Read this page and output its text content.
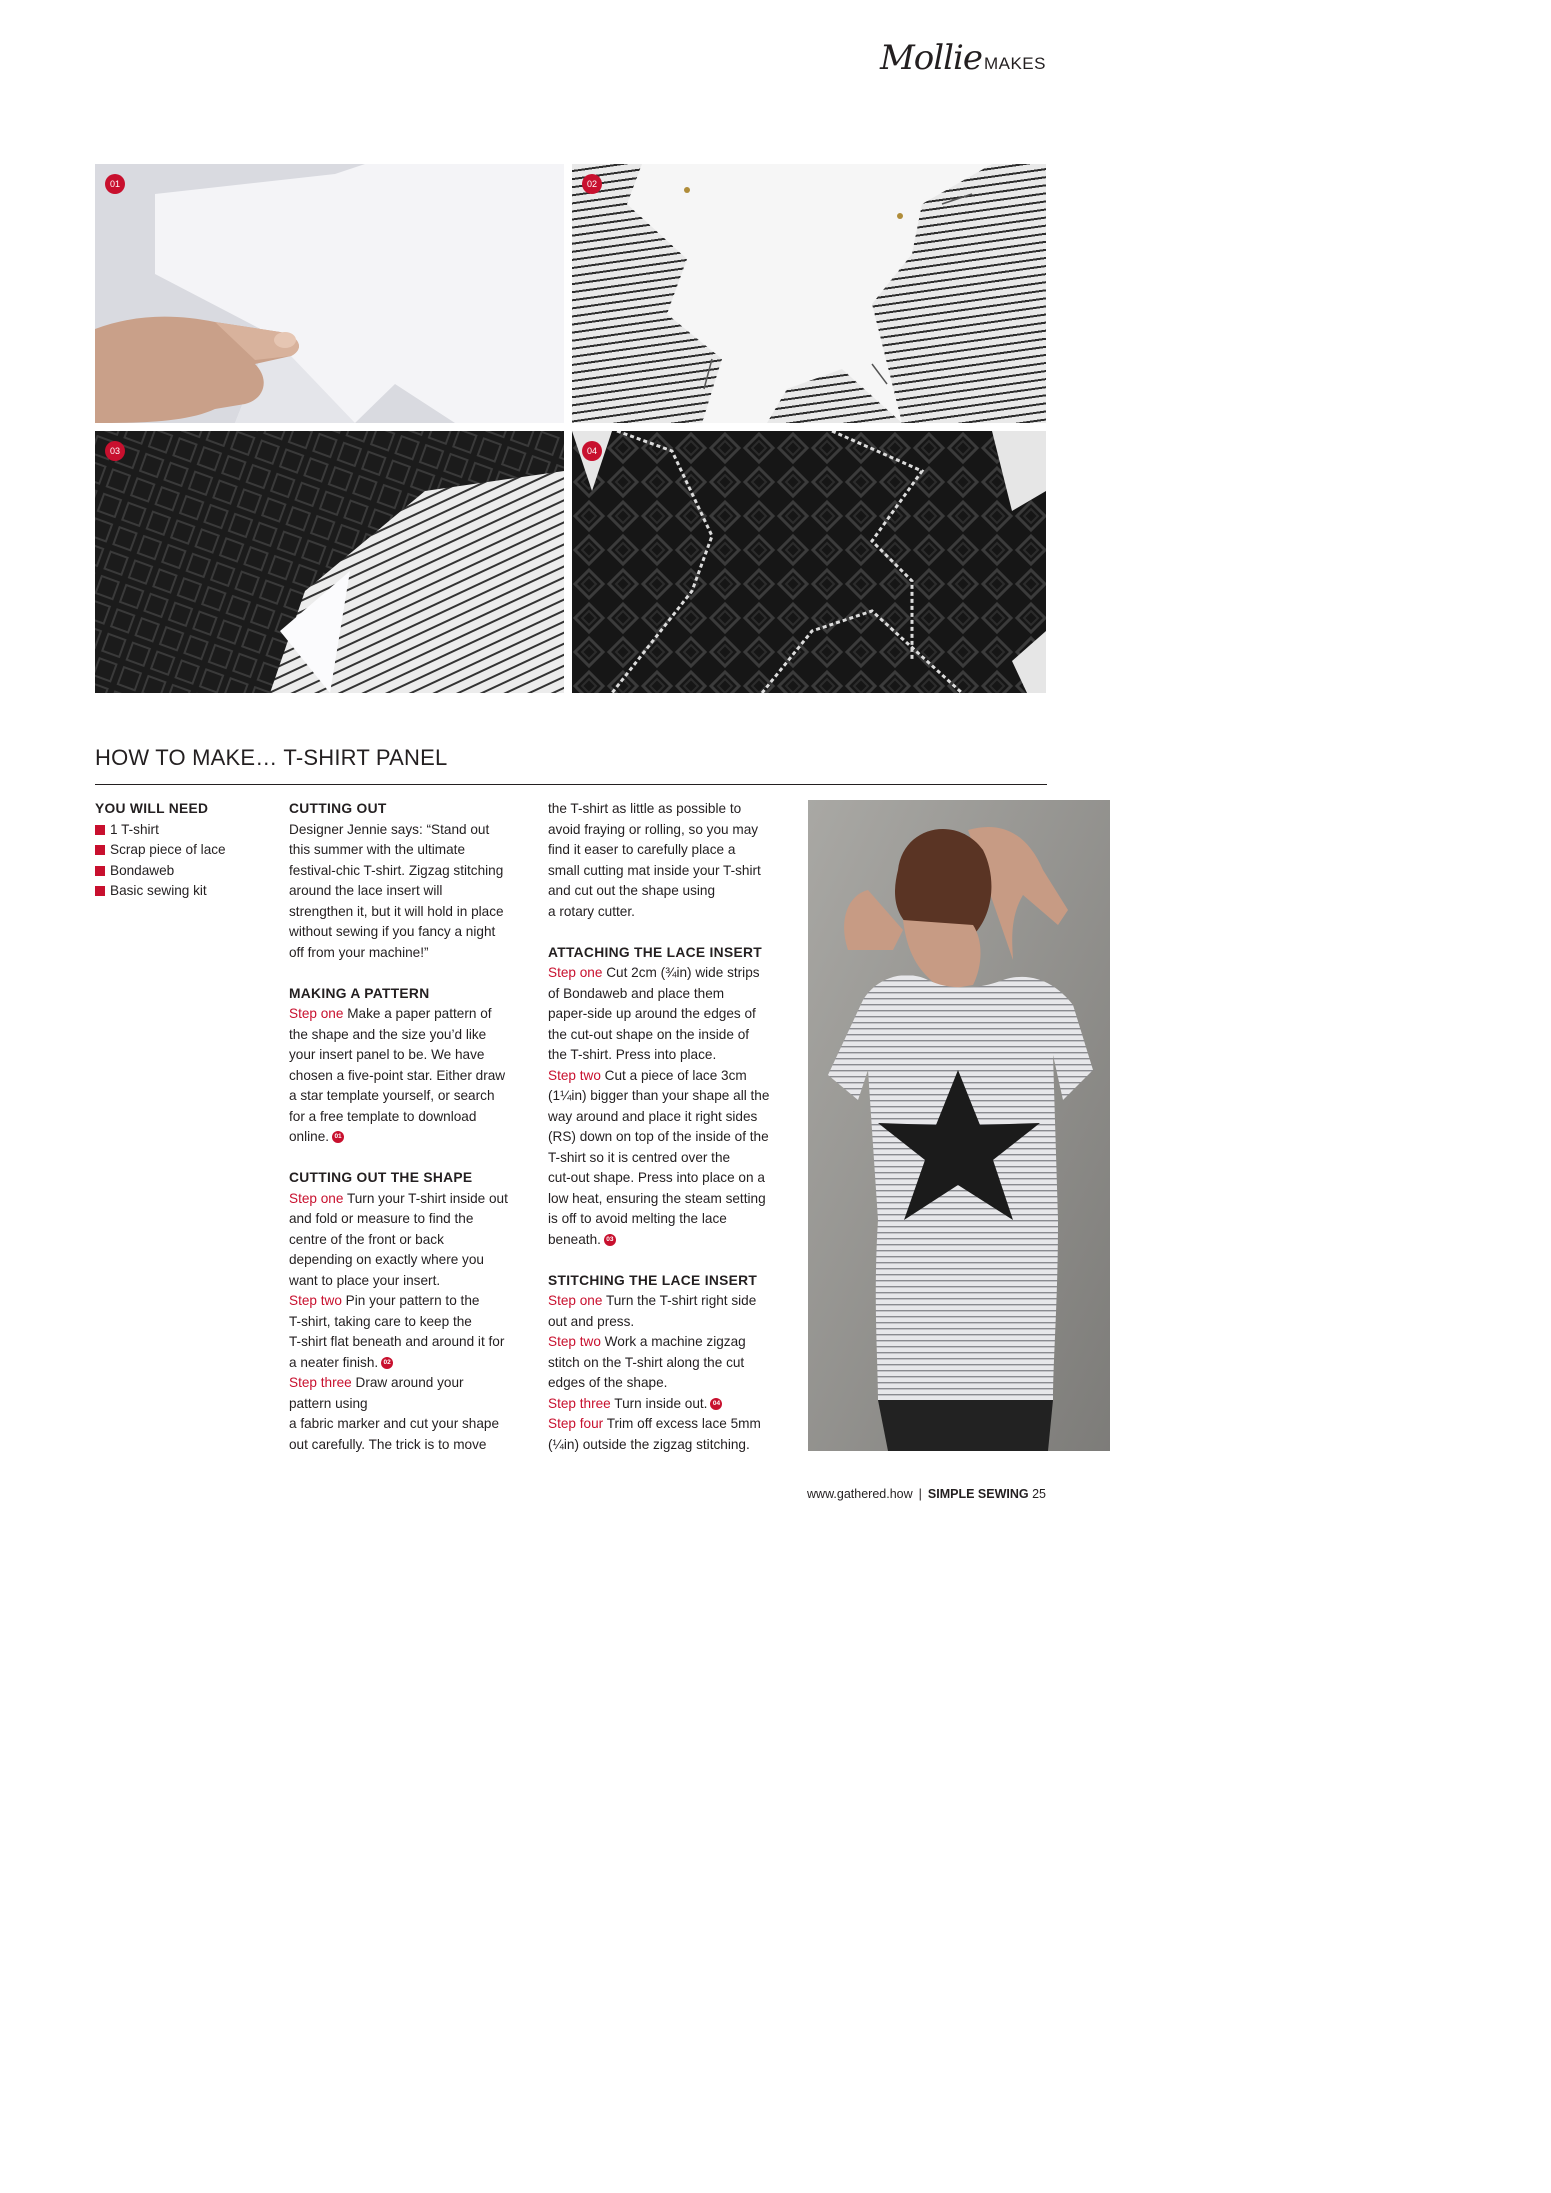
Mollie MAKES
01	02
03	04
HOW TO MAKE… T-SHIRT PANEL

YOU WILL NEED

1 T-shirt
Scrap piece of lace
Bondaweb
Basic sewing kit

CUTTING OUT

Designer Jennie says: “Stand out

this summer with the ultimate

festival-chic T-shirt. Zigzag stitching

around the lace insert will

strengthen it, but it will hold in place

without sewing if you fancy a night

off from your machine!”

MAKING A PATTERN

Step one Make a paper pattern of

the shape and the size you’d like

your insert panel to be. We have

chosen a five-point star. Either draw

a star template yourself, or search

for a free template to download

online. 01

CUTTING OUT THE SHAPE

Step one Turn your T-shirt inside out

and fold or measure to find the

centre of the front or back

depending on exactly where you

want to place your insert.

Step two Pin your pattern to the

T-shirt, taking care to keep the

T-shirt flat beneath and around it for

a neater finish. 02

Step three Draw around your

pattern using

a fabric marker and cut your shape

out carefully. The trick is to move

the T-shirt as little as possible to

avoid fraying or rolling, so you may

find it easer to carefully place a

small cutting mat inside your T-shirt

and cut out the shape using

a rotary cutter.

ATTACHING THE LACE INSERT

Step one Cut 2cm (¾in) wide strips

of Bondaweb and place them

paper-side up around the edges of

the cut-out shape on the inside of

the T-shirt. Press into place.

Step two Cut a piece of lace 3cm

(1¼in) bigger than your shape all the

way around and place it right sides

(RS) down on top of the inside of the

T-shirt so it is centred over the

cut-out shape. Press into place on a

low heat, ensuring the steam setting

is off to avoid melting the lace

beneath. 03

STITCHING THE LACE INSERT

Step one Turn the T-shirt right side

out and press.

Step two Work a machine zigzag

stitch on the T-shirt along the cut

edges of the shape.

Step three Turn inside out. 04

Step four Trim off excess lace 5mm

(¼in) outside the zigzag stitching.

www.gathered.how | SIMPLE SEWING 25
